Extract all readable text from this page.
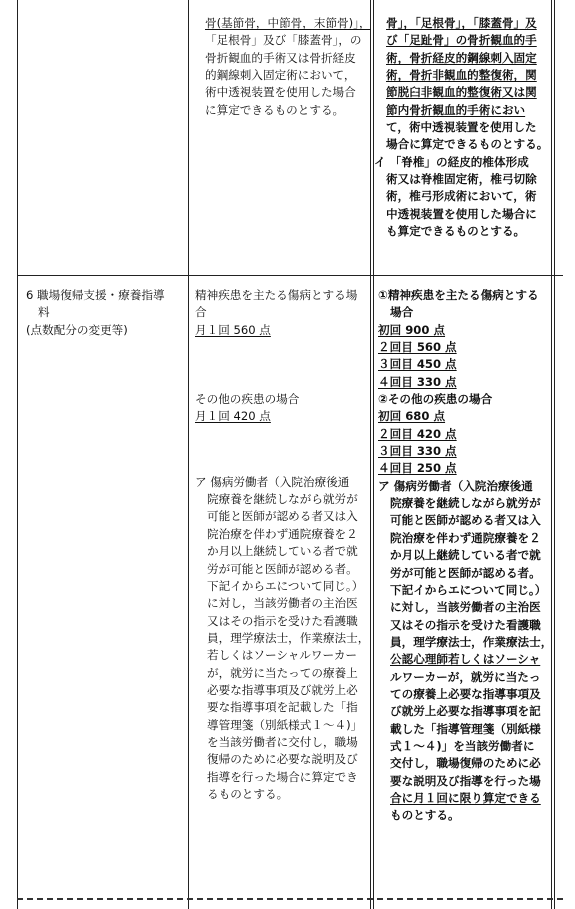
骨(基節骨，中節骨，末節骨)」，
「足根骨」及び「膝蓋骨」，の
骨折観血的手術又は骨折経皮
的鋼線刺入固定術において，
術中透視装置を使用した場合
に算定できるものとする。
骨」，「足根骨」，「膝蓋骨」及
び「足趾骨」の骨折観血的手
術，骨折経皮的鋼線刺入固定
術，骨折非観血的整復術，関
節脱臼非観血的整復術又は関
節内骨折観血的手術におい
て，術中透視装置を使用した
場合に算定できるものとする。
イ 「脊椎」の経皮的椎体形成
術又は脊椎固定術，椎弓切除
術，椎弓形成術において，術
中透視装置を使用した場合に
も算定できるものとする。
6 職場復帰支援・療養指導
料
(点数配分の変更等)
精神疾患を主たる傷病とする場
合
月１回 560 点
その他の疾患の場合
月１回 420 点
ア 傷病労働者（入院治療後通
院療養を継続しながら就労が
可能と医師が認める者又は入
院治療を伴わず通院療養を２
か月以上継続している者で就
労が可能と医師が認める者。
下記イからエについて同じ。）
に対し，当該労働者の主治医
又はその指示を受けた看護職
員，理学療法士，作業療法士，
若しくはソーシャルワーカー
が，就労に当たっての療養上
必要な指導事項及び就労上必
要な指導事項を記載した「指
導管理箋（別紙様式１～４)」
を当該労働者に交付し，職場
復帰のために必要な説明及び
指導を行った場合に算定でき
るものとする。
①精神疾患を主たる傷病とする
場合
初回 900 点
２回目 560 点
３回目 450 点
４回目 330 点
②その他の疾患の場合
初回 680 点
２回目 420 点
３回目 330 点
４回目 250 点
ア 傷病労働者（入院治療後通
院療養を継続しながら就労が
可能と医師が認める者又は入
院治療を伴わず通院療養を２
か月以上継続している者で就
労が可能と医師が認める者。
下記イからエについて同じ。）
に対し，当該労働者の主治医
又はその指示を受けた看護職
員，理学療法士，作業療法士，
公認心理師若しくはソーシャ
ルワーカーが，就労に当たっ
ての療養上必要な指導事項及
び就労上必要な指導事項を記
載した「指導管理箋（別紙様
式１～４)」を当該労働者に
交付し，職場復帰のために必
要な説明及び指導を行った場
合に月１回に限り算定できる
ものとする。
